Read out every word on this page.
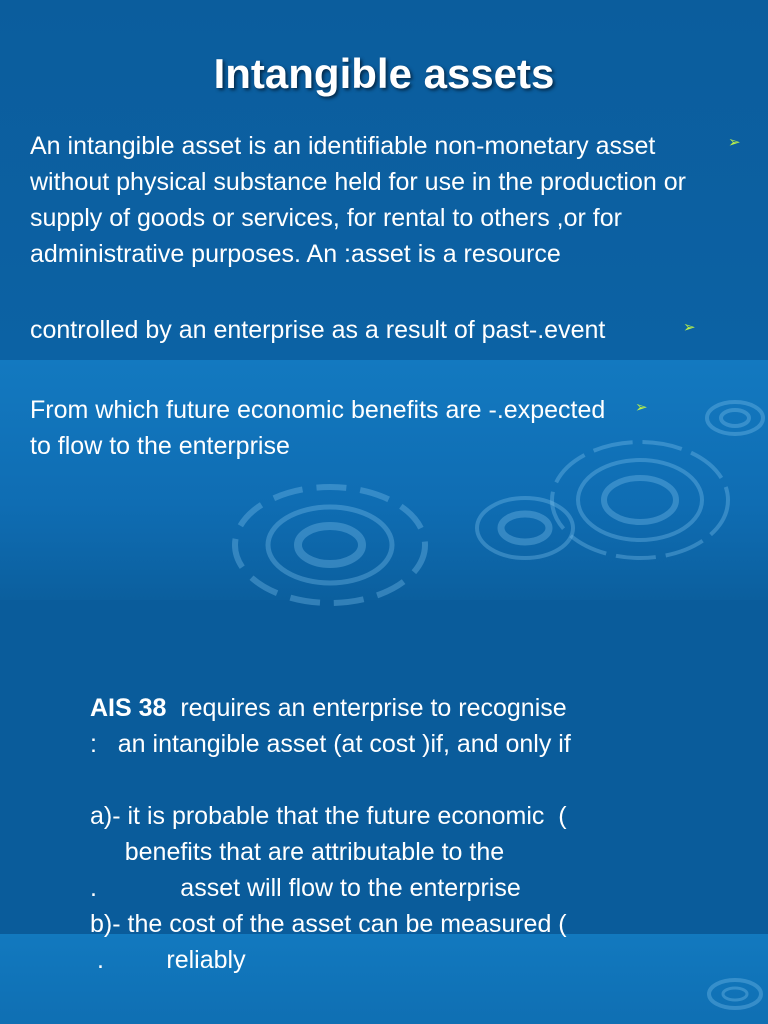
Intangible assets

An intangible asset is an identifiable non-monetary asset without physical substance held for use in the production or supply of goods or services, for rental to others ,or for administrative purposes. An :asset is a resource

➢

controlled by an enterprise as a result of past-.event	➢

From which future economic benefits are -.expected to flow to the enterprise

➢

AIS 38  requires an enterprise to recognise

:   an intangible asset (at cost )if, and only if

a)- it is probable that the future economic  (

benefits that are attributable to the

.            asset will flow to the enterprise

b)- the cost of the asset can be measured (

.         reliably
